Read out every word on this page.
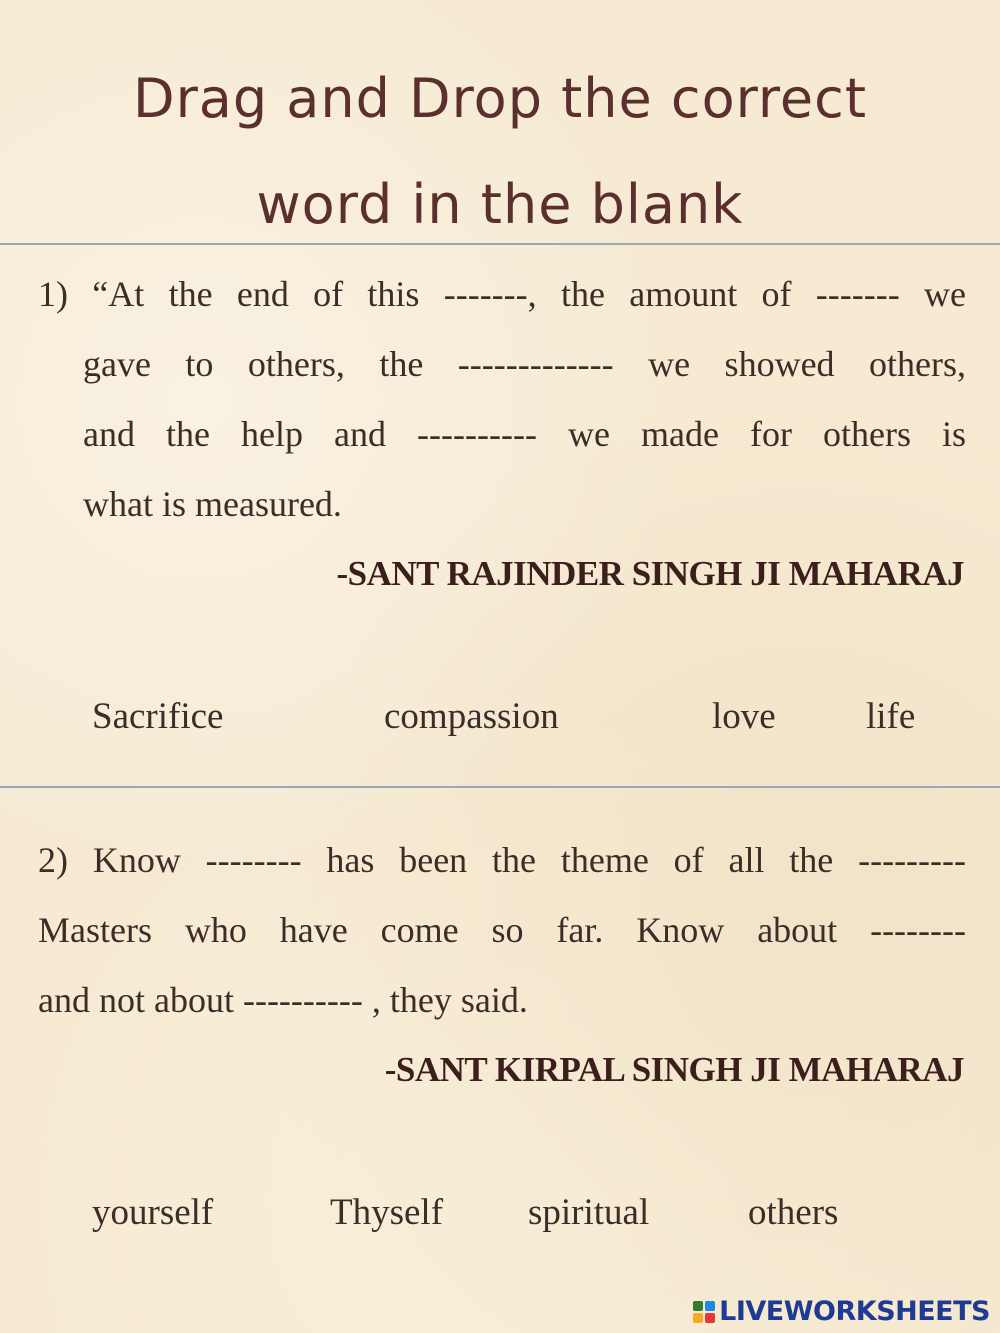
Drag and Drop the correct
word in the blank
1) “At the end of this -------, the amount of ------- we
gave to others, the ------------- we showed others,
and the help and ---------- we made for others is
what is measured.
-SANT RAJINDER SINGH JI MAHARAJ
Sacrifice	compassion	love life
2) Know -------- has been the theme of all the ---------
Masters who have come so far. Know about --------
and not about ---------- , they said.
-SANT KIRPAL SINGH JI MAHARAJ
yourself	Thyself spiritual	others
LIVEWORKSHEETS
